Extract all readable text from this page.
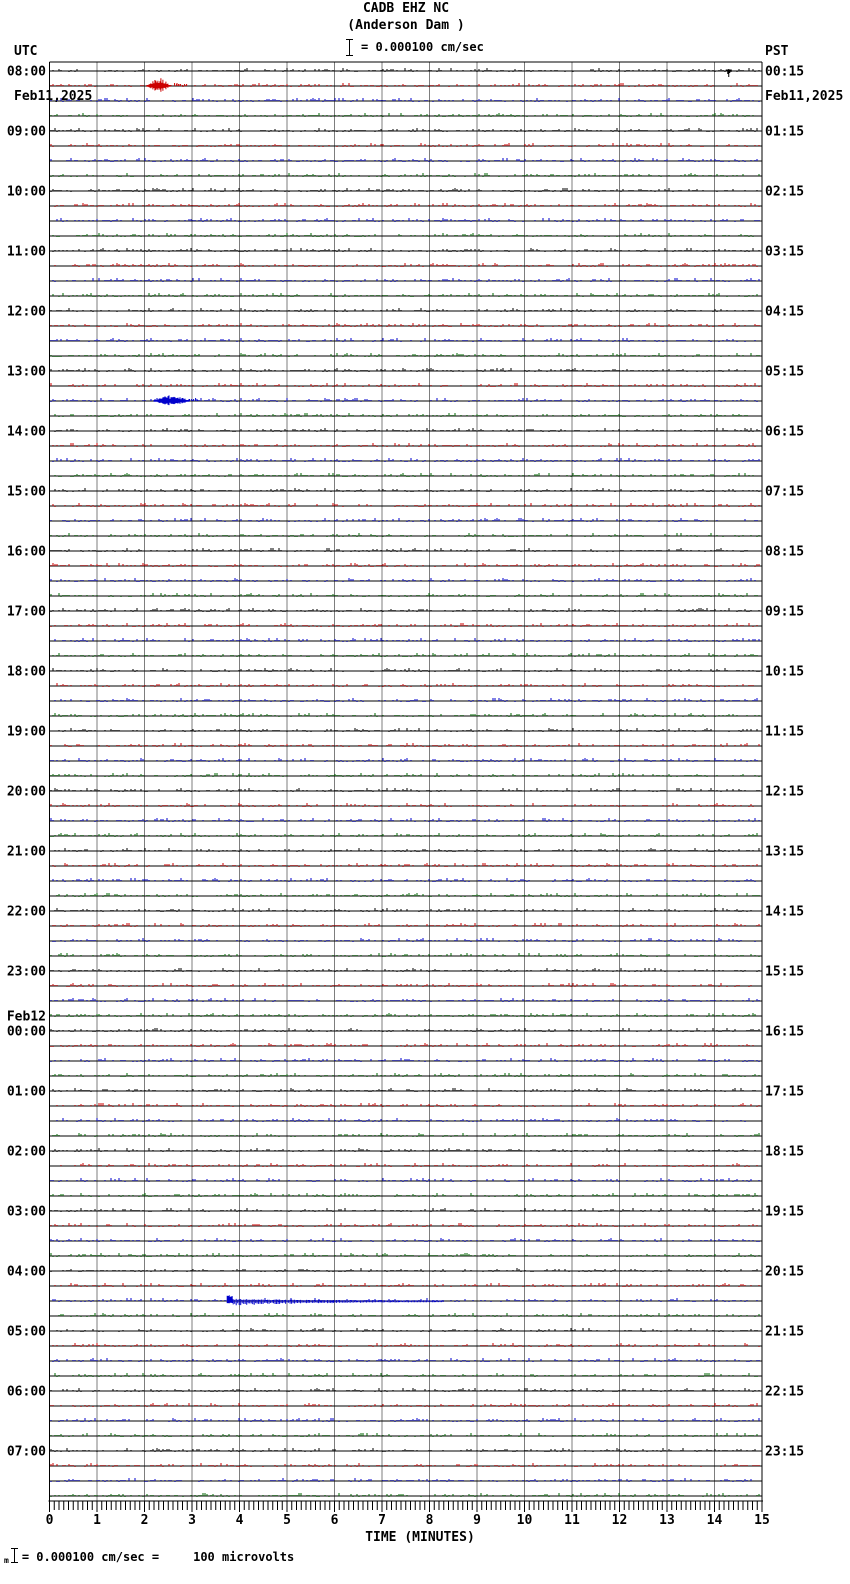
CADB EHZ NC
(Anderson Dam )

UTC

Feb11,2025

PST

Feb11,2025

= 0.000100 cm/sec
0	1	2	3	4	5	6	7	8	9	10 11 12 13 14 15
08:00	00:15
09:00	01:15
10:00	02:15
11:00	03:15
12:00	04:15
13:00	05:15
14:00	06:15
15:00	07:15
16:00	08:15
17:00	09:15
18:00	10:15
19:00	11:15
20:00	12:15
21:00	13:15
22:00	14:15
23:00	15:15
Feb12
00:00	16:15
01:00	17:15
02:00	18:15
03:00	19:15
04:00	20:15
05:00	21:15
06:00	22:15
07:00	23:15
TIME (MINUTES)
m = 0.000100 cm/sec =	100 microvolts
